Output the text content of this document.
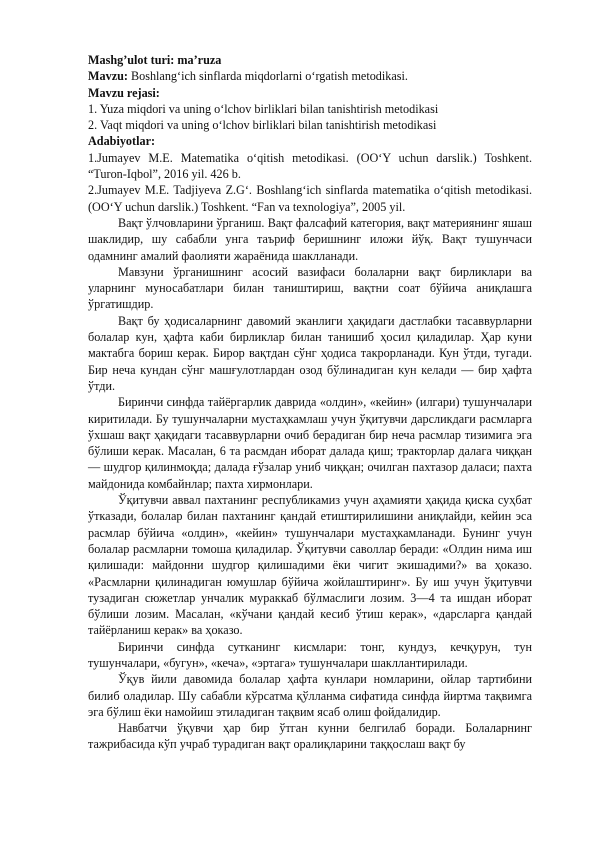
Mashg’ulot turi: ma’ruza

Mavzu: Boshlang‘ich sinflarda miqdorlarni o‘rgatish metodikasi.

Mavzu rejasi:

1. Yuza miqdori va uning o‘lchov birliklari bilan tanishtirish metodikasi

2. Vaqt miqdori va uning o‘lchov birliklari bilan tanishtirish metodikasi

Adabiyotlar:

1.Jumayev M.E. Matematika o‘qitish metodikasi. (OO‘Y uchun darslik.) Toshkent. “Turon-Iqbol”, 2016 yil. 426 b.

2.Jumayev M.E. Tadjiyeva Z.G‘. Boshlang‘ich sinflarda matematika o‘qitish metodikasi. (OO‘Y uchun darslik.) Toshkent. “Fan va texnologiya”, 2005 yil.

Вақт ўлчовларини ўрганиш. Вақт фалсафий категория, вақт материянинг яшаш шаклидир, шу сабабли унга таъриф беришнинг иложи йўқ. Вақт тушунчаси одамнинг амалий фаолияти жараёнида шаклланади.

Мавзуни ўрганишнинг асосий вазифаси болаларни вақт бирликлари ва уларнинг муносабатлари билан таништириш, вақтни соат бўйича аниқлашга ўргатишдир.

Вақт бу ҳодисаларнинг давомий эканлиги ҳақидаги дастлабки тасаввурларни болалар кун, ҳафта каби бирликлар билан танишиб ҳосил қиладилар. Ҳар куни мактабга бориш керак. Бирор вақтдан сўнг ҳодиса такрорланади. Кун ўтди, тугади. Бир неча кундан сўнг машғулотлардан озод бўлинадиган кун келади — бир ҳафта ўтди.

Биринчи синфда тайёргарлик даврида «олдин», «кейин» (илгари) тушунчалари киритилади. Бу тушунчаларни мустаҳкамлаш учун ўқитувчи дарсликдаги расмларга ўхшаш вақт ҳақидаги тасаввурларни очиб берадиган бир неча расмлар тизимига эга бўлиши керак. Масалан, 6 та расмдан иборат далада қиш; тракторлар далага чиққан — шудгор қилинмоқда; далада ғўзалар униб чиққан; очилган пахтазор даласи; пахта майдонида комбайнлар; пахта хирмонлари.

Ўқитувчи аввал пахтанинг республикамиз учун аҳамияти ҳақида қиска суҳбат ўтказади, болалар билан пахтанинг қандай етиштирилишини аниқлайди, кейин эса расмлар бўйича «олдин», «кейин» тушунчалари мустаҳкамланади. Бунинг учун болалар расмларни томоша қиладилар. Ўқитувчи саволлар беради: «Олдин нима иш қилишади: майдонни шудгор қилишадими ёки чигит экишадими?» ва ҳоказо. «Расмларни қилинадиган юмушлар бўйича жойлаштиринг». Бу иш учун ўқитувчи тузадиган сюжетлар унчалик мураккаб бўлмаслиги лозим. 3—4 та ишдан иборат бўлиши лозим. Масалан, «кўчани қандай кесиб ўтиш керак», «дарсларга қандай тайёрланиш керак» ва ҳоказо.

Биринчи синфда сутканинг кисмлари: тонг, кундуз, кечқурун, тун тушунчалари, «бугун», «кеча», «эртага» тушунчалари шакллантирилади.

Ўқув йили давомида болалар ҳафта кунлари номларини, ойлар тартибини билиб оладилар. Шу сабабли кўрсатма қўлланма сифатида синфда йиртма тақвимга эга бўлиш ёки намойиш этиладиган тақвим ясаб олиш фойдалидир.

Навбатчи ўқувчи ҳар бир ўтган кунни белгилаб боради. Болаларнинг тажрибасида кўп учраб турадиган вақт оралиқларини таққослаш вақт бу
